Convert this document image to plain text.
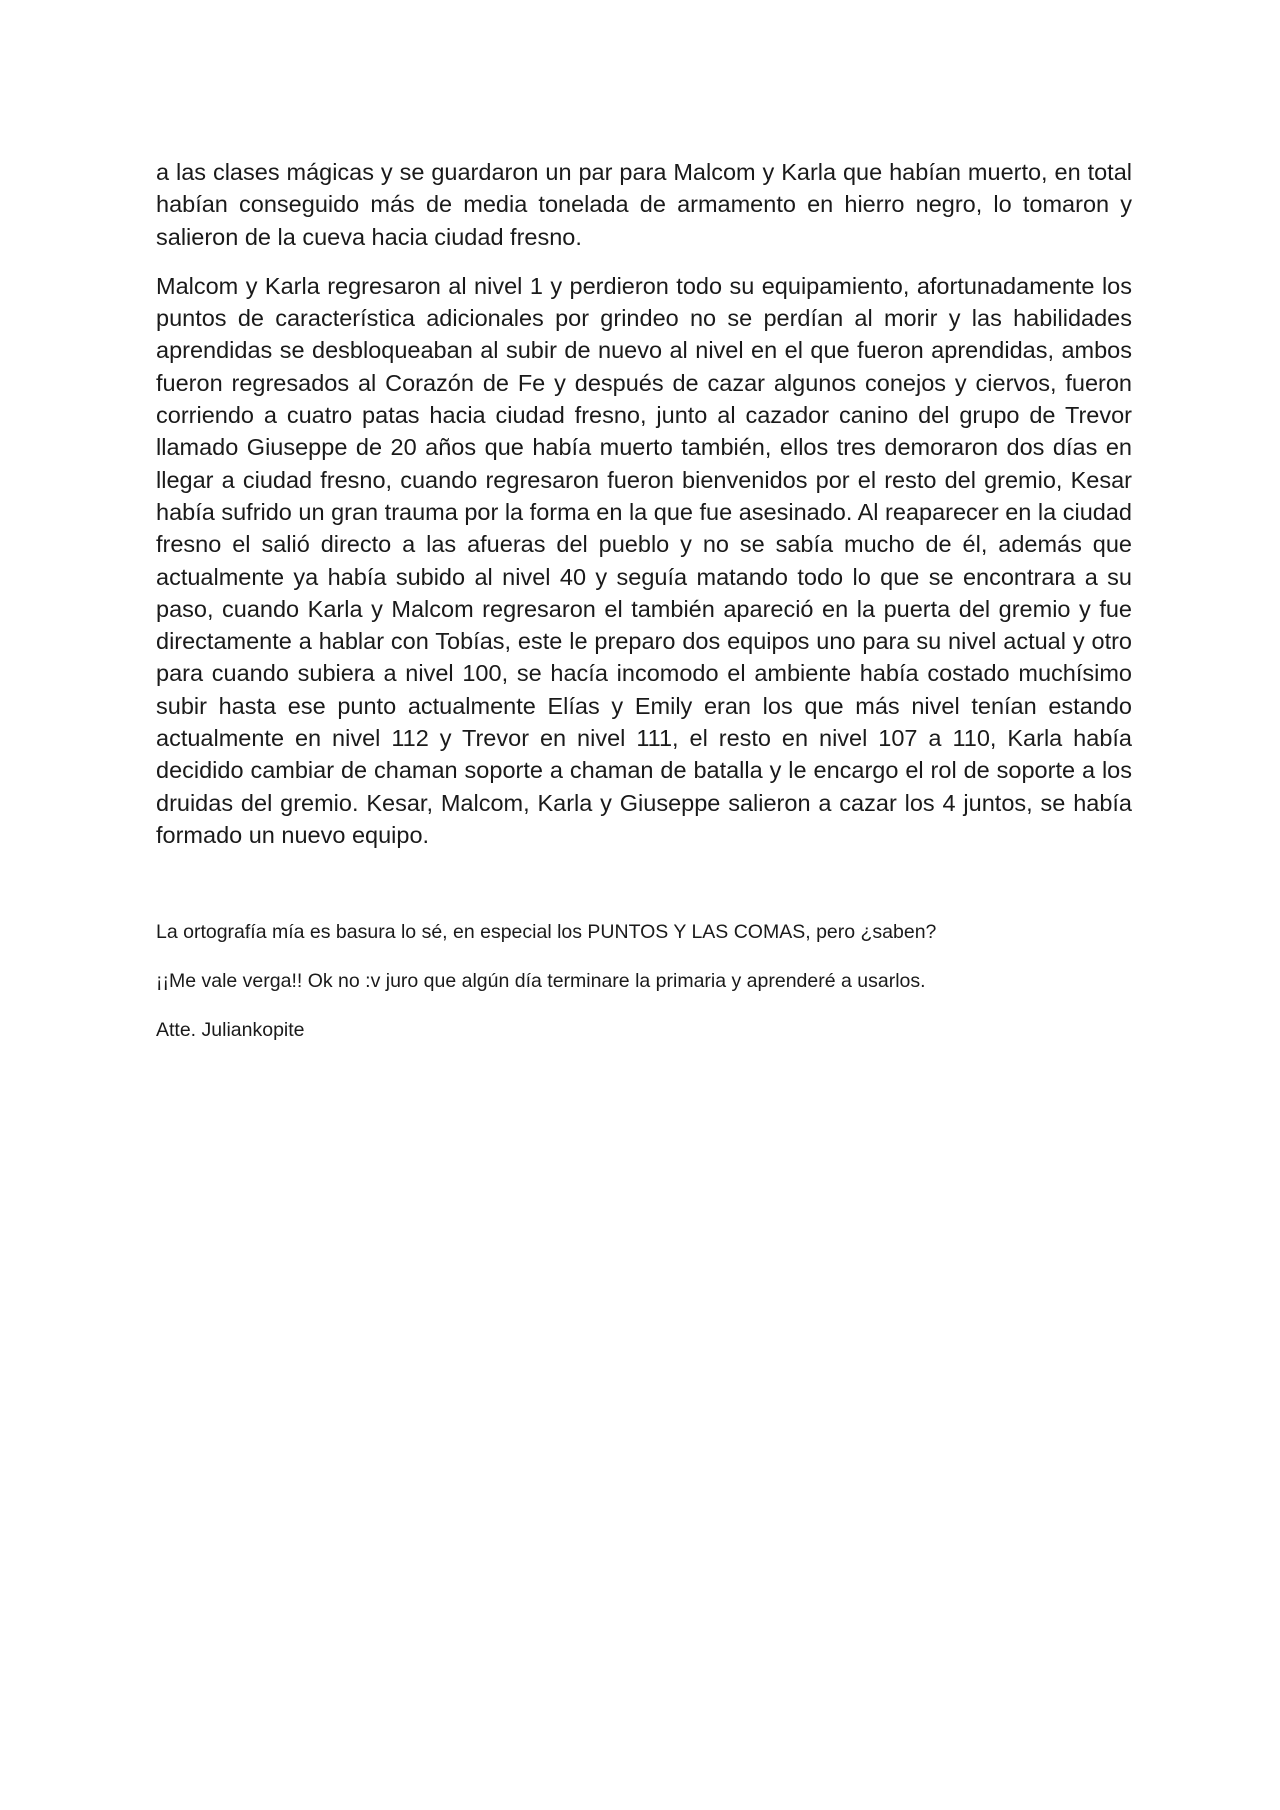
a las clases mágicas y se guardaron un par para Malcom y Karla que habían muerto, en total habían conseguido más de media tonelada de armamento en hierro negro, lo tomaron y salieron de la cueva hacia ciudad fresno.

Malcom y Karla regresaron al nivel 1 y perdieron todo su equipamiento, afortunadamente los puntos de característica adicionales por grindeo no se perdían al morir y las habilidades aprendidas se desbloqueaban al subir de nuevo al nivel en el que fueron aprendidas, ambos fueron regresados al Corazón de Fe y después de cazar algunos conejos y ciervos, fueron corriendo a cuatro patas hacia ciudad fresno, junto al cazador canino del grupo de Trevor llamado Giuseppe de 20 años que había muerto también, ellos tres demoraron dos días en llegar a ciudad fresno, cuando regresaron fueron bienvenidos por el resto del gremio, Kesar había sufrido un gran trauma por la forma en la que fue asesinado. Al reaparecer en la ciudad fresno el salió directo a las afueras del pueblo y no se sabía mucho de él, además que actualmente ya había subido al nivel 40 y seguía matando todo lo que se encontrara a su paso, cuando Karla y Malcom regresaron el también apareció en la puerta del gremio y fue directamente a hablar con Tobías, este le preparo dos equipos uno para su nivel actual y otro para cuando subiera a nivel 100, se hacía incomodo el ambiente había costado muchísimo subir hasta ese punto actualmente Elías y Emily eran los que más nivel tenían estando actualmente en nivel 112 y Trevor en nivel 111, el resto en nivel 107 a 110, Karla había decidido cambiar de chaman soporte a chaman de batalla y le encargo el rol de soporte a los druidas del gremio. Kesar, Malcom, Karla y Giuseppe salieron a cazar los 4 juntos, se había formado un nuevo equipo.

La ortografía mía es basura lo sé, en especial los PUNTOS Y LAS COMAS, pero ¿saben?

¡¡Me vale verga!! Ok no :v juro que algún día terminare la primaria y aprenderé a usarlos.

Atte. Juliankopite
